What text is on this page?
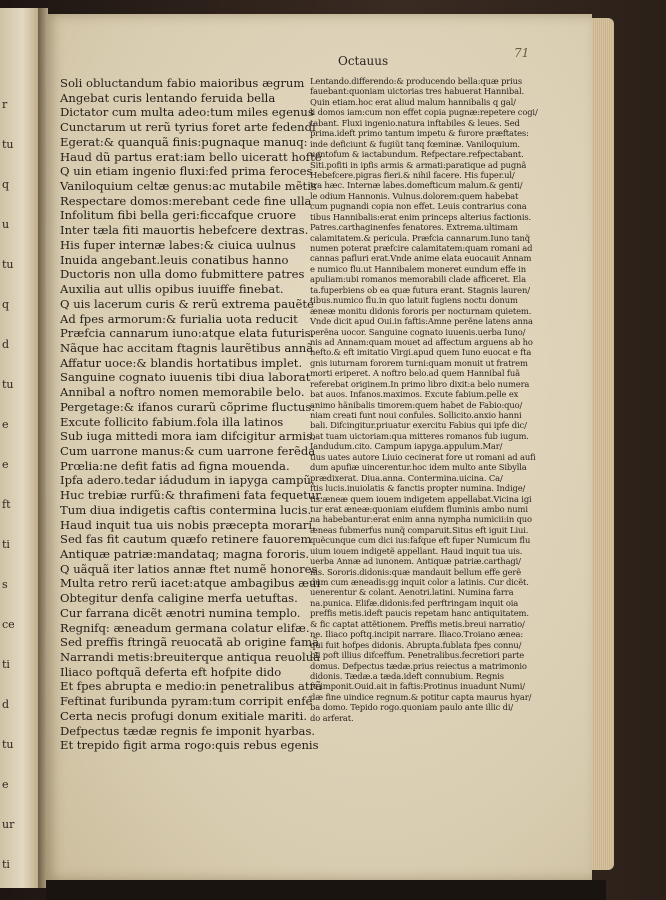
r
tu
q
u
tu
q
d
tu
e
e
ft
ti
s
ce
ti
d
tu
e
ur
ti
71
Octauus
Soli obluctandum fabio maioribus ægrum
Angebat curis lentando feruida bella
Dictator cum multa adeo:tum miles egenus
Cunctarum ut rerũ tyrius foret arte fedendi
Egerat:& quanquã finis:pugnaque manuq:
Haud dũ partus erat:iam bello uiceratt hofté
Q uin etiam ingenio fluxi:fed prima feroces
Vaniloquium celtæ genus:ac mutabile mẽtis
Respectare domos:merebant cede fine ulla
Infolitum fibi bella geri:ficcafque cruore
Inter tæla fiti mauortis hebefcere dextras.
His fuper internæ labes:& ciuica uulnus
Inuida angebant.leuis conatibus hanno
Ductoris non ulla domo fubmittere patres
Auxilia aut ullis opibus iuuiffe finebat.
Q uis lacerum curis & rerũ extrema pauẽté
Ad fpes armorum:& furialia uota reducit
Præfcia cannarum iuno:atque elata futuris.
Nãque hac accitam ftagnis laurẽtibus annã
Affatur uoce:& blandis hortatibus implet.
Sanguine cognato iuuenis tibi diua laborat
Annibal a noftro nomen memorabile belo.
Pergetage:& ifanos curarũ cõprime fluctus:
Excute follicito fabium.fola illa latinos
Sub iuga mittedi mora iam difcigitur armis.
Cum uarrone manus:& cum uarrone ferẽda
Prœlia:ne defit fatis ad figna mouenda.
Ipfa adero.tedar iádudum in iapyga campũ.
Huc trebiæ rurfũ:& thrafimeni fata fequetur.
Tum diua indigetis caftis contermina lucis.
Haud inquit tua uis nobis præcepta morari.
Sed fas fit cautum quæfo retinere fauorem
Antiquæ patriæ:mandataq; magna fororis.
Q uãquã iter latios annæ ftet numẽ honores
Multa retro rerũ iacet:atque ambagibus æui
Obtegitur denfa caligine merfa uetuftas.
Cur farrana dicẽt ænotri numina templo.
Regnifq: æneadum germana colatur elifæ.
Sed preffis ftringã reuocatã ab origine famã
Narrandi metis:breuiterque antiqua reuoluã
Iliaco poftquã deferta eft hofpite dido
Et fpes abrupta e medio:in penetralibus atrã
Feftinat furibunda pyram:tum corripit enfé
Certa necis profugi donum exitiale mariti.
Defpectus tædæ regnis fe imponit hyarbas.
Et trepido figit arma rogo:quis rebus egenis
Lentando.differendo:& producendo bella:quæ prius
fauebant:quoniam uictorias tres habuerat Hannibal.
Quin etiam.hoc erat aliud malum hannibalis q gal/
li domos iam:cum non effet copia pugnæ:repetere cogi/
tabant. Fluxi ingenio.natura inftabiles & leues. Sed
prima.ideft primo tantum impetu & furore præftates:
inde deficiunt & fugiũt tanq fœminæ. Vaniloquium.
uentofum & iactabundum. Refpectare.refpectabant.
Siti.pofiti in ipfis armis & armati:paratique ad pugnã
Hebefcere.pigras fieri.& nihil facere. His fuper.ul/
tra hæc. Internæ labes.domefticum malum.& genti/
le odium Hannonis. Vulnus.dolorem:quem habebat
cum pugnandi copia non effet. Leuis contrarius cona
tibus Hannibalis:erat enim princeps alterius factionis.
Patres.carthaginenfes fenatores. Extrema.ultimam
calamitatem.& pericula. Præfcia cannarum.Iuno tanq̃
numen poterat præfcire calamitatem:quam romani ad
cannas pafluri erat.Vnde anime elata euocauit Annam
e numico flu.ut Hannibalem moneret eundum effe in
apuliam:ubi romanos memorabili clade afficeret. Ela
ta.fuperbiens ob ea quæ futura erant. Stagnis lauren/
tibus.numico flu.in quo latuit fugiens noctu donum
æneæ monitu didonis fororis per nocturnam quietem.
Vnde dicit apud Oui.in faftis:Amne perẽne latens anna
perẽna uocor. Sanguine cognato iuuenis.uerba Iuno/
nis ad Annam:quam mouet ad affectum arguens ab ho
nefto.& eft imitatio Virgi.apud quem Iuno euocat e fta
gnis iuturnam fororem turni:quam monuit ut fratrem
morti eriperet. A noftro belo.ad quem Hannibal fuã
referebat originem.In primo libro dixit:a belo numera
bat auos. Infanos.maximos. Excute fabium.pelle ex
animo hãnibalis timorem:quem habet de Fabio:quo/
niam creati funt noui confules. Sollicito.anxio hanni
bali. Difcingitur.priuatur exercitu Fabius qui ipfe dic/
bat tuam uictoriam:qua mitteres romanos fub iugum.
Iandudum.cito. Campum iapyga.appulum.Mar/
tius uates autore Liuio cecinerat fore ut romani ad aufi
dum apufiæ uincerentur.hoc idem multo ante Sibylla
prædixerat. Diua.anna. Contermina.uicina. Ca/
ftis lucis.inuiolatis & fanctis propter numina. Indige/
tis.æneæ quem iouem indigetem appellabat.Vicina igi
tur erat æneæ:quoniam eiufdem fluminis ambo numi
na habebantur:erat enim anna nympha numicii:in quo
æneas fubmerfus nunq̃ comparuit.Situs eft iguit Liui.
quẽcunque cum dici ius:fafque eft fuper Numicum flu
uium iouem indigetẽ appellant. Haud inquit tua uis.
uerba Annæ ad iunonem. Antiquæ patriæ.carthagi/
nis. Sororis.didonis:quæ mandauit bellum effe gerẽ
dum cum æneadis:gg inquit color a latinis. Cur dicẽt.
uenerentur & colant. Aenotri.latini. Numina farra
na.punica. Elifæ.didonis:fed perftringam inquit oia
preffis metis.ideft paucis repetam hanc antiquitatem.
& fic captat attẽtionem. Preffis metis.breui narratio/
ne. Iliaco poftq.incipit narrare. Iliaco.Troiano æneа:
qui fuit hofpes didonis. Abrupta.fublata fpes connu/
bii poft illius difceffum. Penetralibus.fecretiori parte
domus. Defpectus tædæ.prius reiectus a matrimonio
didonis. Tædæ.a tæda.ideft connubium. Regnis
fe imponit.Ouid.ait in faftis:Protinus inuadunt Numi/
dæ fine uindice regnum.& potitur capta maurus hyar/
ba domo. Tepido rogo.quoniam paulo ante illic di/
do arferat.
